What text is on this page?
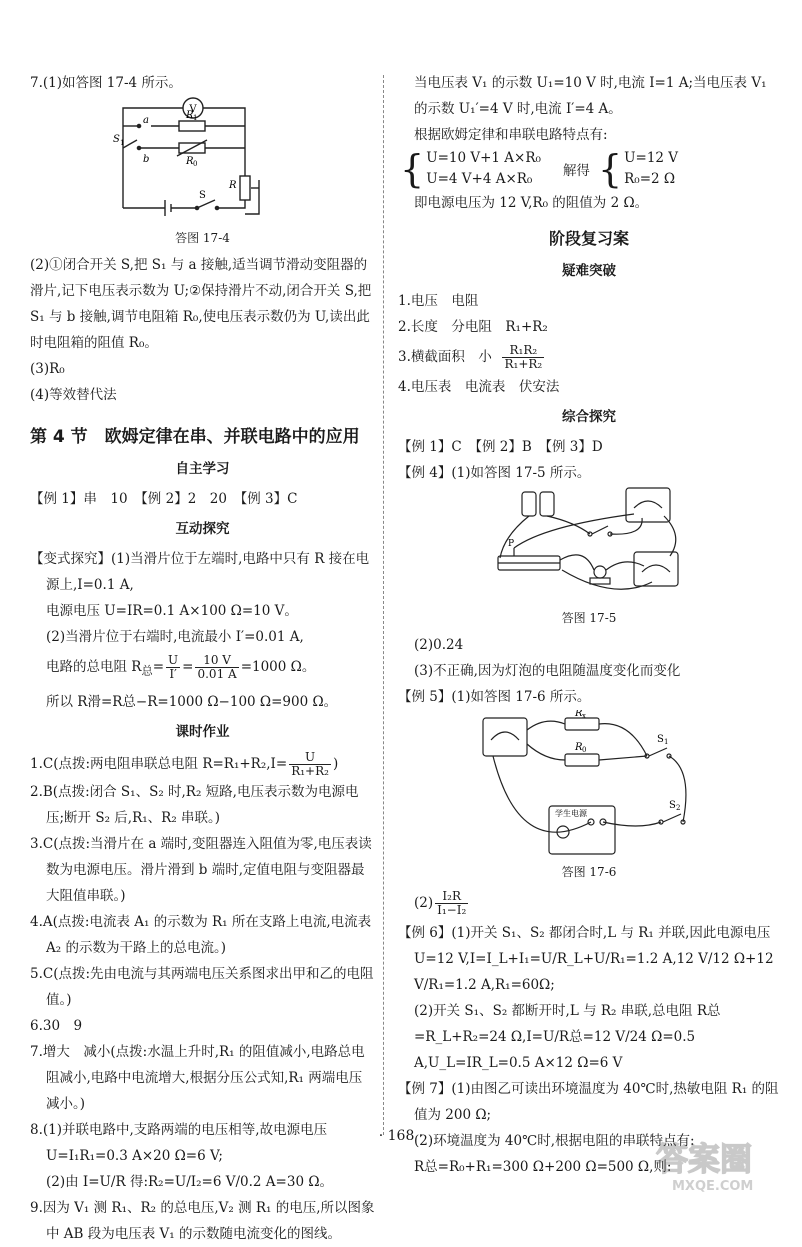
7.(1)如答图 17-4 所示。

V
S 1
a
b
R 1
R 0
R
S

答图 17-4

(2)①闭合开关 S,把 S₁ 与 a 接触,适当调节滑动变阻器的滑片,记下电压表示数为 U;②保持滑片不动,闭合开关 S,把 S₁ 与 b 接触,调节电阻箱 R₀,使电压表示数仍为 U,读出此时电阻箱的阻值 R₀。

(3)R₀

(4)等效替代法

第 4 节　欧姆定律在串、并联电路中的应用
自主学习

【例 1】串　10　【例 2】2　20　【例 3】C

互动探究

【变式探究】(1)当滑片位于左端时,电路中只有 R 接在电源上,I=0.1 A,

电源电压 U=IR=0.1 A×100 Ω=10 V。

(2)当滑片位于右端时,电流最小 I′=0.01 A,

电路的总电阻 $R_总= \frac{U}{I'} = \frac{10 V}{0.01 A} =1000$ Ω。

所以 R滑=R总−R=1000 Ω−100 Ω=900 Ω。

课时作业

1.C(点拨:两电阻串联总电阻 $R=R_1+R_2,I= \frac{U}{\text{R₁+R₂}}$ )

2.B(点拨:闭合 S₁、S₂ 时,R₂ 短路,电压表示数为电源电压;断开 S₂ 后,R₁、R₂ 串联。)

3.C(点拨:当滑片在 a 端时,变阻器连入阻值为零,电压表读数为电源电压。滑片滑到 b 端时,定值电阻与变阻器最大阻值串联。)

4.A(点拨:电流表 A₁ 的示数为 R₁ 所在支路上电流,电流表 A₂ 的示数为干路上的总电流。)

5.C(点拨:先由电流与其两端电压关系图求出甲和乙的电阻值。)

6.30　9

7.增大　减小(点拨:水温上升时,R₁ 的阻值减小,电路总电阻减小,电路中电流增大,根据分压公式知,R₁ 两端电压减小。)

8.(1)并联电路中,支路两端的电压相等,故电源电压 U=I₁R₁=0.3 A×20 Ω=6 V;

(2)由 I=U/R 得:R₂=U/I₂=6 V/0.2 A=30 Ω。

9.因为 V₁ 测 R₁、R₂ 的总电压,V₂ 测 R₁ 的电压,所以图象中 AB 段为电压表 V₁ 的示数随电流变化的图线。

当电压表 V₁ 的示数 U₁=10 V 时,电流 I=1 A;当电压表 V₁ 的示数 U₁′=4 V 时,电流 I′=4 A。

根据欧姆定律和串联电路特点有:

{ U=10 V+1 A×R₀

U=4 V+4 A×R₀	解得 { U=12 V

R₀=2 Ω

即电源电压为 12 V,R₀ 的阻值为 2 Ω。

阶段复习案
疑难突破

1.电压　电阻

2.长度　分电阻　R₁+R₂

3.横截面积　小 $\frac{\text{R₁R₂}}{\text{R₁+R₂}}$

4.电压表　电流表　伏安法

综合探究

【例 1】C　【例 2】B　【例 3】D

【例 4】(1)如答图 17-5 所示。

P

答图 17-5

(2)0.24

(3)不正确,因为灯泡的电阻随温度变化而变化

【例 5】(1)如答图 17-6 所示。

R x
R 0
S 1
S 2
学生电源

答图 17-6

$(2) \frac{\text{I₂R}}{\text{I₁−I₂}}$

【例 6】(1)开关 S₁、S₂ 都闭合时,L 与 R₁ 并联,因此电源电压 U=12 V,I=I_L+I₁=U/R_L+U/R₁=1.2 A,12 V/12 Ω+12 V/R₁=1.2 A,R₁=60Ω;

(2)开关 S₁、S₂ 都断开时,L 与 R₂ 串联,总电阻 R总=R_L+R₂=24 Ω,I=U/R总=12 V/24 Ω=0.5 A,U_L=IR_L=0.5 A×12 Ω=6 V

【例 7】(1)由图乙可读出环境温度为 40℃时,热敏电阻 R₁ 的阻值为 200 Ω;

(2)环境温度为 40℃时,根据电阻的串联特点有:

R总=R₀+R₁=300 Ω+200 Ω=500 Ω,则:

· 168 ·
答案圈
MXQE.COM
